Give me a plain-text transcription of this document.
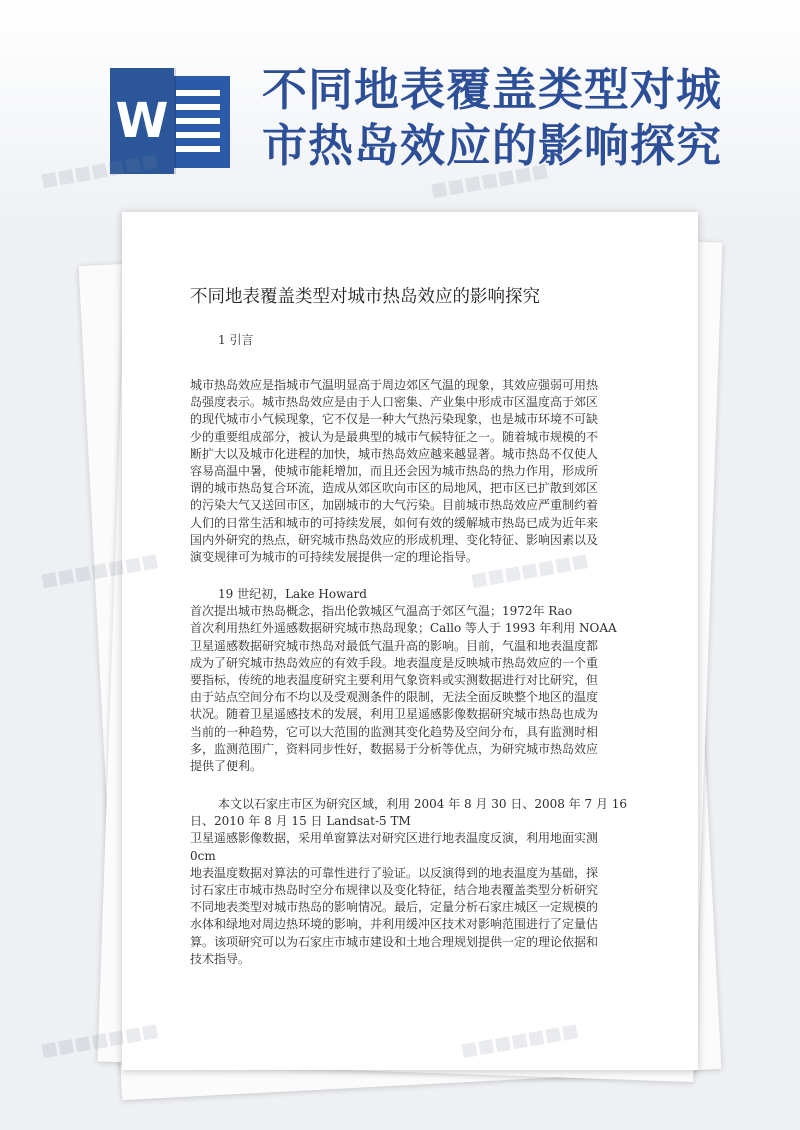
W
不同地表覆盖类型对城
市热岛效应的影响探究
不同地表覆盖类型对城市热岛效应的影响探究
1 引言
城市热岛效应是指城市气温明显高于周边郊区气温的现象，其效应强弱可用热
岛强度表示。城市热岛效应是由于人口密集、产业集中形成市区温度高于郊区
的现代城市小气候现象，它不仅是一种大气热污染现象，也是城市环境不可缺
少的重要组成部分，被认为是最典型的城市气候特征之一。随着城市规模的不
断扩大以及城市化进程的加快，城市热岛效应越来越显著。城市热岛不仅使人
容易高温中暑，使城市能耗增加，而且还会因为城市热岛的热力作用，形成所
谓的城市热岛复合环流，造成从郊区吹向市区的局地风，把市区已扩散到郊区
的污染大气又送回市区，加剧城市的大气污染。目前城市热岛效应严重制约着
人们的日常生活和城市的可持续发展，如何有效的缓解城市热岛已成为近年来
国内外研究的热点，研究城市热岛效应的形成机理、变化特征、影响因素以及
演变规律可为城市的可持续发展提供一定的理论指导。
19 世纪初，Lake Howard
首次提出城市热岛概念，指出伦敦城区气温高于郊区气温；1972年 Rao
首次利用热红外遥感数据研究城市热岛现象；Callo 等人于 1993 年利用 NOAA
卫星遥感数据研究城市热岛对最低气温升高的影响。目前，气温和地表温度都
成为了研究城市热岛效应的有效手段。地表温度是反映城市热岛效应的一个重
要指标，传统的地表温度研究主要利用气象资料或实测数据进行对比研究，但
由于站点空间分布不均以及受观测条件的限制，无法全面反映整个地区的温度
状况。随着卫星遥感技术的发展，利用卫星遥感影像数据研究城市热岛也成为
当前的一种趋势，它可以大范围的监测其变化趋势及空间分布，具有监测时相
多，监测范围广，资料同步性好，数据易于分析等优点，为研究城市热岛效应
提供了便利。
本文以石家庄市区为研究区域，利用 2004 年 8 月 30 日、2008 年 7 月 16
日、2010 年 8 月 15 日 Landsat-5 TM
卫星遥感影像数据，采用单窗算法对研究区进行地表温度反演，利用地面实测
0cm
地表温度数据对算法的可靠性进行了验证。以反演得到的地表温度为基础，探
讨石家庄市城市热岛时空分布规律以及变化特征，结合地表覆盖类型分析研究
不同地表类型对城市热岛的影响情况。最后，定量分析石家庄城区一定规模的
水体和绿地对周边热环境的影响，并利用缓冲区技术对影响范围进行了定量估
算。该项研究可以为石家庄市城市建设和土地合理规划提供一定的理论依据和
技术指导。
